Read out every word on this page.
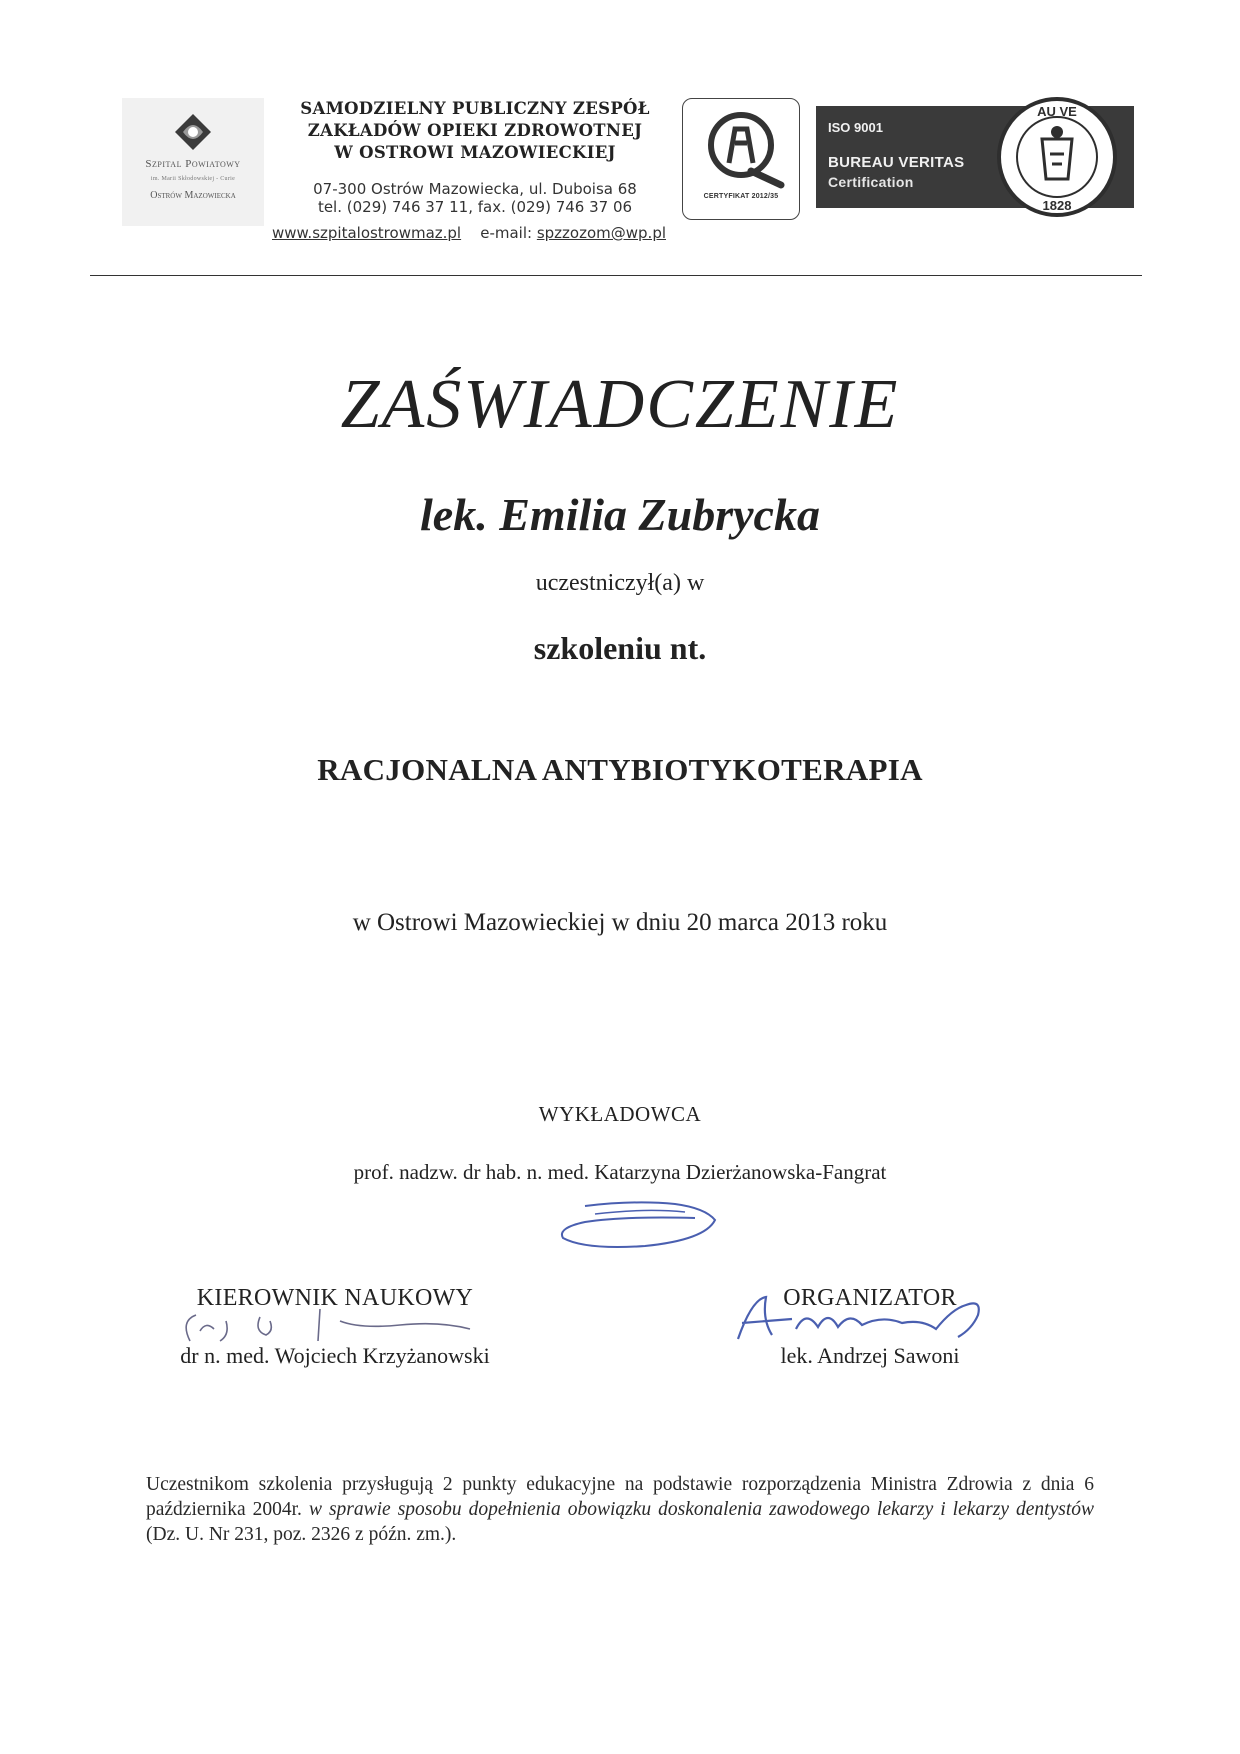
Szpital Powiatowy
im. Marii Skłodowskiej - Curie
Ostrów Mazowiecka
SAMODZIELNY PUBLICZNY ZESPÓŁ
ZAKŁADÓW OPIEKI ZDROWOTNEJ
W OSTROWI MAZOWIECKIEJ
07-300 Ostrów Mazowiecka, ul. Duboisa 68
tel. (029) 746 37 11, fax. (029) 746 37 06
www.szpitalostrowmaz.pl e-mail: spzzozom@wp.pl
CERTYFIKAT 2012/35
ISO 9001
BUREAU VERITAS
Certification
AU VE
1828
ZAŚWIADCZENIE
lek. Emilia Zubrycka
uczestniczył(a) w
szkoleniu nt.
RACJONALNA ANTYBIOTYKOTERAPIA
w Ostrowi Mazowieckiej w dniu 20 marca 2013 roku
WYKŁADOWCA
prof. nadzw. dr hab. n. med. Katarzyna Dzierżanowska-Fangrat
KIEROWNIK NAUKOWY
dr n. med. Wojciech Krzyżanowski
ORGANIZATOR
lek. Andrzej Sawoni
Uczestnikom szkolenia przysługują 2 punkty edukacyjne na podstawie rozporządzenia Ministra Zdrowia z dnia 6 października 2004r. w sprawie sposobu dopełnienia obowiązku doskonalenia zawodowego lekarzy i lekarzy dentystów (Dz. U. Nr 231, poz. 2326 z późn. zm.).
